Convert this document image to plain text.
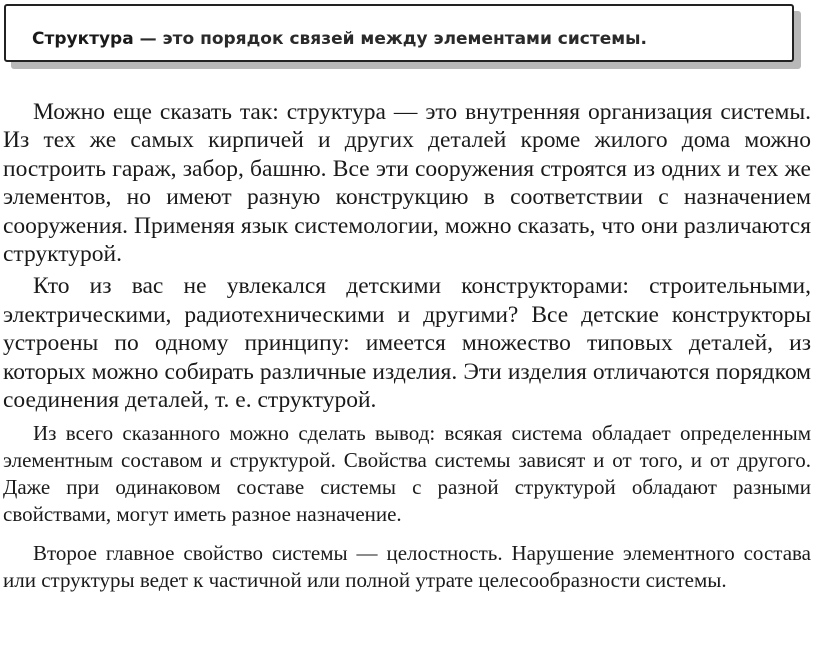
Структура — это порядок связей между элементами системы.

Можно еще сказать так: структура — это внутренняя организация системы. Из тех же самых кирпичей и других деталей кроме жилого дома можно построить гараж, забор, башню. Все эти сооружения строятся из одних и тех же элементов, но имеют разную конструкцию в соответствии с назначением сооружения. Применяя язык системологии, можно сказать, что они различаются структурой.

Кто из вас не увлекался детскими конструкторами: строительными, электрическими, радиотехническими и другими? Все детские конструкторы устроены по одному принципу: имеется множество типовых деталей, из которых можно собирать различные изделия. Эти изделия отличаются порядком соединения деталей, т. е. структурой.

Из всего сказанного можно сделать вывод: всякая система обладает определенным элементным составом и структурой. Свойства системы зависят и от того, и от другого. Даже при одинаковом составе системы с разной структурой обладают разными свойствами, могут иметь разное назначение.

Второе главное свойство системы — целостность. Нарушение элементного состава или структуры ведет к частичной или полной утрате целесообразности системы.
